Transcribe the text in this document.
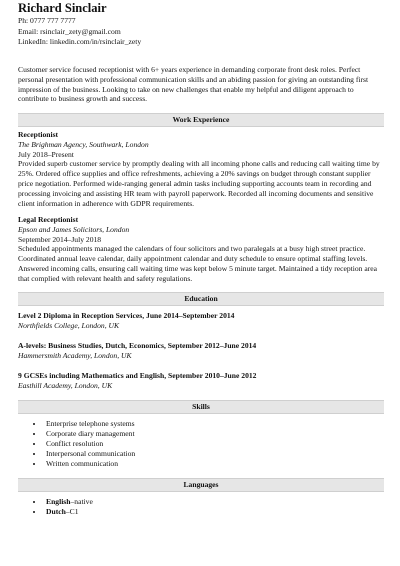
Richard Sinclair
Ph: 0777 777 7777
Email: rsinclair_zety@gmail.com
LinkedIn: linkedin.com/in/rsinclair_zety
Customer service focused receptionist with 6+ years experience in demanding corporate front desk roles. Perfect personal presentation with professional communication skills and an abiding passion for giving an outstanding first impression of the business. Looking to take on new challenges that enable my helpful and diligent approach to contribute to business growth and success.
Work Experience
Receptionist
The Brighman Agency, Southwark, London
July 2018–Present

Provided superb customer service by promptly dealing with all incoming phone calls and reducing call waiting time by 25%. Ordered office supplies and office refreshments, achieving a 20% savings on budget through constant supplier price negotiation. Performed wide-ranging general admin tasks including supporting accounts team in recording and processing invoicing and assisting HR team with payroll paperwork. Recorded all incoming documents and sensitive client information in adherence with GDPR requirements.

Legal Receptionist
Epson and James Solicitors, London
September 2014–July 2018

Scheduled appointments managed the calendars of four solicitors and two paralegals at a busy high street practice. Coordinated annual leave calendar, daily appointment calendar and duty schedule to ensure optimal staffing levels. Answered incoming calls, ensuring call waiting time was kept below 5 minute target. Maintained a tidy reception area that complied with relevant health and safety regulations.

Education
Level 2 Diploma in Reception Services, June 2014–September 2014
Northfields College, London, UK
A-levels: Business Studies, Dutch, Economics, September 2012–June 2014
Hammersmith Academy, London, UK
9 GCSEs including Mathematics and English, September 2010–June 2012
Easthill Academy, London, UK
Skills
• Enterprise telephone systems
• Corporate diary management
• Conflict resolution
• Interpersonal communication
• Written communication
Languages
• English–native
• Dutch–C1
